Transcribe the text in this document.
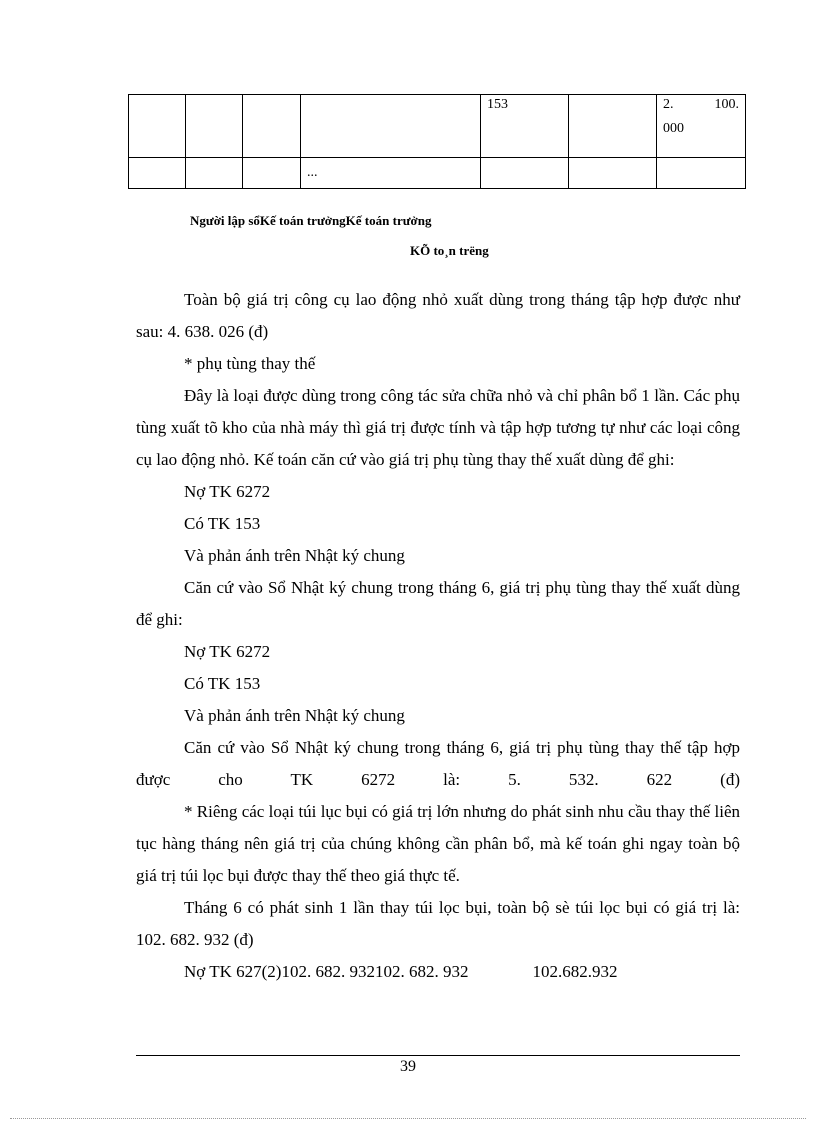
				153		2. 100.
000

			...			
Người lập sổKế toán trưởngKế toán trưởng
KÕ to¸n trëng

Toàn bộ giá trị công cụ lao động nhỏ xuất dùng trong tháng tập hợp được như sau: 4. 638. 026 (đ)

* phụ tùng thay thế

Đây là loại được dùng trong công tác sửa chữa nhỏ và chỉ phân bổ 1 lần. Các phụ tùng xuất tõ kho của nhà máy thì giá trị được tính và tập hợp tương tự như các loại công cụ lao động nhỏ. Kế toán căn cứ vào giá trị phụ tùng thay thế xuất dùng để ghi:

Nợ TK 6272

Có TK 153

Và phản ánh trên Nhật ký chung

Căn cứ vào Sổ Nhật ký chung trong tháng 6, giá trị phụ tùng thay thế xuất dùng để ghi:

Nợ TK 6272

Có TK 153

Và phản ánh trên Nhật ký chung

Căn cứ vào Sổ Nhật ký chung trong tháng 6, giá trị phụ tùng thay thế tập hợp được cho TK 6272 là: 5. 532. 622 (đ)

* Riêng các loại túi lục bụi có giá trị lớn nhưng do phát sinh nhu cầu thay thế liên tục hàng tháng nên giá trị của chúng không cần phân bổ, mà kế toán ghi ngay toàn bộ giá trị túi lọc bụi được thay thế theo giá thực tế.

Tháng 6 có phát sinh 1 lần thay túi lọc bụi, toàn bộ sè túi lọc bụi có giá trị là: 102. 682. 932 (đ)

Nợ TK 627(2)102. 682. 932102. 682. 932	102.682.932
39
